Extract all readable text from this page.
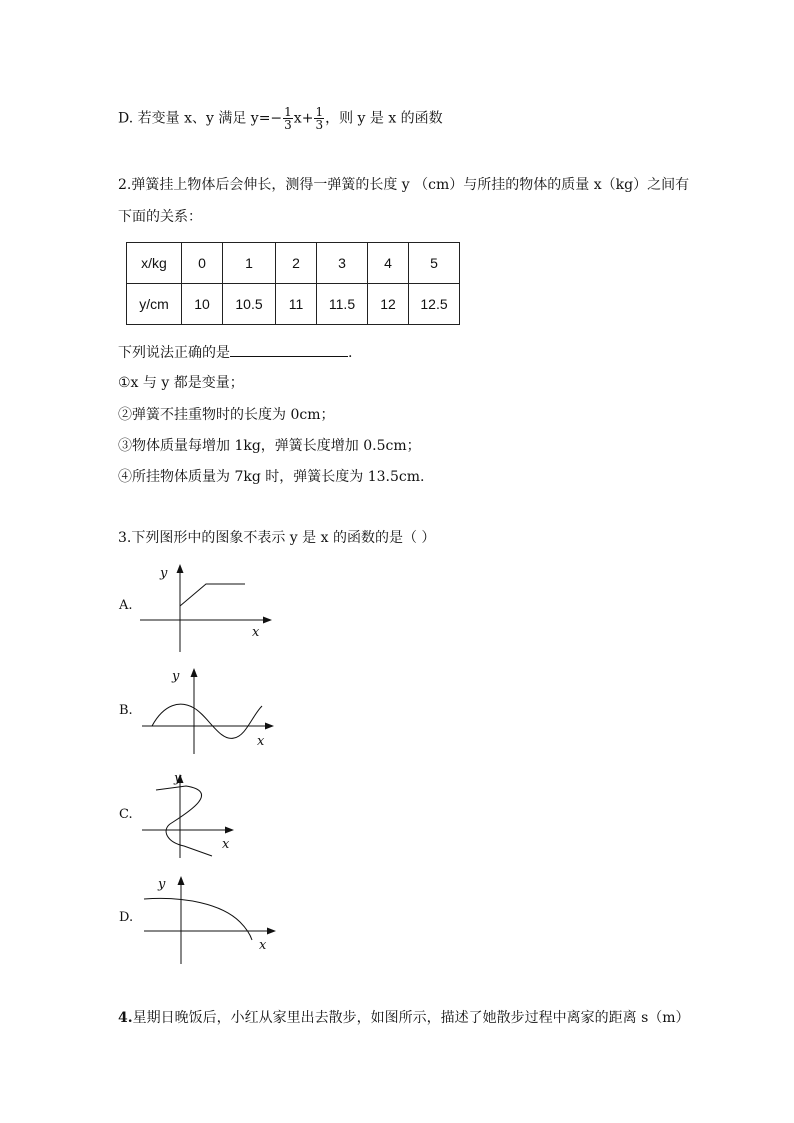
D. 若变量 x、y 满足 $y=- \frac{1}{3} x+ \frac{1}{3}$ ，则 y 是 x 的函数
2.弹簧挂上物体后会伸长，测得一弹簧的长度 y （cm）与所挂的物体的质量 x（kg）之间有
下面的关系：
x/kg	0	1	2	3	4	5
y/cm	10	10.5	11	11.5	12	12.5
下列说法正确的是	.
①x 与 y 都是变量；
②弹簧不挂重物时的长度为 0cm；
③物体质量每增加 1kg，弹簧长度增加 0.5cm；
④所挂物体质量为 7kg 时，弹簧长度为 13.5cm.
3.下列图形中的图象不表示 y 是 x 的函数的是（ ）
A.
x
y
B.
x
y
C.
x
y
D.
x
y
4.星期日晚饭后，小红从家里出去散步，如图所示，描述了她散步过程中离家的距离 s（m）
